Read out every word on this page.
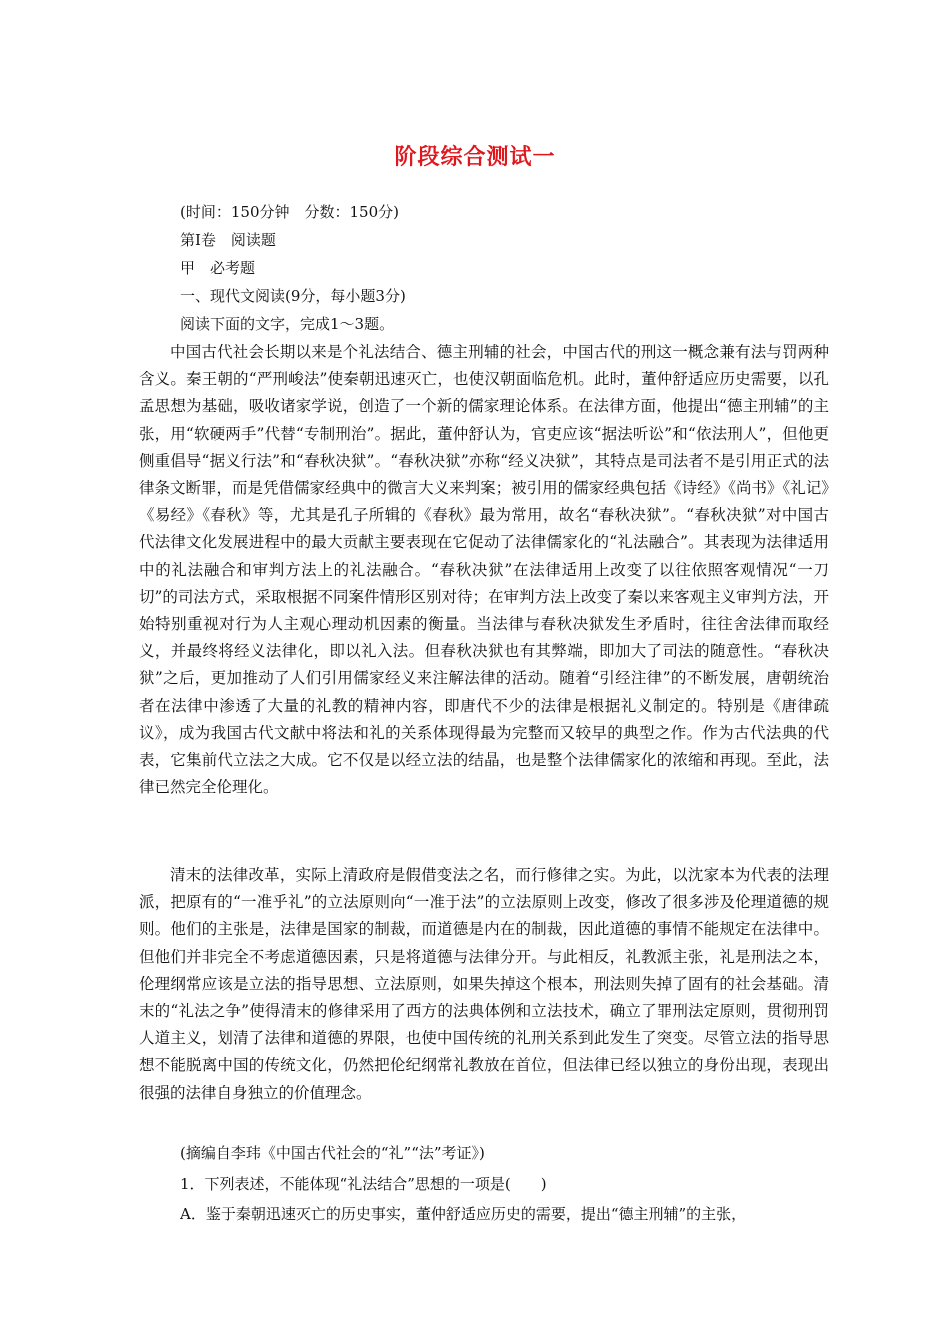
阶段综合测试一
(时间：150分钟　分数：150分)
第Ⅰ卷　阅读题
甲　必考题
一、现代文阅读(9分，每小题3分)
阅读下面的文字，完成1～3题。
中国古代社会长期以来是个礼法结合、德主刑辅的社会，中国古代的刑这一概念兼有法与罚两种含义。秦王朝的“严刑峻法”使秦朝迅速灭亡，也使汉朝面临危机。此时，董仲舒适应历史需要，以孔孟思想为基础，吸收诸家学说，创造了一个新的儒家理论体系。在法律方面，他提出“德主刑辅”的主张，用“软硬两手”代替“专制刑治”。据此，董仲舒认为，官吏应该“据法听讼”和“依法刑人”，但他更侧重倡导“据义行法”和“春秋决狱”。“春秋决狱”亦称“经义决狱”，其特点是司法者不是引用正式的法律条文断罪，而是凭借儒家经典中的微言大义来判案；被引用的儒家经典包括《诗经》《尚书》《礼记》《易经》《春秋》等，尤其是孔子所辑的《春秋》最为常用，故名“春秋决狱”。“春秋决狱”对中国古代法律文化发展进程中的最大贡献主要表现在它促动了法律儒家化的“礼法融合”。其表现为法律适用中的礼法融合和审判方法上的礼法融合。“春秋决狱”在法律适用上改变了以往依照客观情况“一刀切”的司法方式，采取根据不同案件情形区别对待；在审判方法上改变了秦以来客观主义审判方法，开始特别重视对行为人主观心理动机因素的衡量。当法律与春秋决狱发生矛盾时，往往舍法律而取经义，并最终将经义法律化，即以礼入法。但春秋决狱也有其弊端，即加大了司法的随意性。“春秋决狱”之后，更加推动了人们引用儒家经义来注解法律的活动。随着“引经注律”的不断发展，唐朝统治者在法律中渗透了大量的礼教的精神内容，即唐代不少的法律是根据礼义制定的。特别是《唐律疏议》，成为我国古代文献中将法和礼的关系体现得最为完整而又较早的典型之作。作为古代法典的代表，它集前代立法之大成。它不仅是以经立法的结晶，也是整个法律儒家化的浓缩和再现。至此，法律已然完全伦理化。
清末的法律改革，实际上清政府是假借变法之名，而行修律之实。为此，以沈家本为代表的法理派，把原有的“一准乎礼”的立法原则向“一准于法”的立法原则上改变，修改了很多涉及伦理道德的规则。他们的主张是，法律是国家的制裁，而道德是内在的制裁，因此道德的事情不能规定在法律中。但他们并非完全不考虑道德因素，只是将道德与法律分开。与此相反，礼教派主张，礼是刑法之本，伦理纲常应该是立法的指导思想、立法原则，如果失掉这个根本，刑法则失掉了固有的社会基础。清末的“礼法之争”使得清末的修律采用了西方的法典体例和立法技术，确立了罪刑法定原则，贯彻刑罚人道主义，划清了法律和道德的界限，也使中国传统的礼刑关系到此发生了突变。尽管立法的指导思想不能脱离中国的传统文化，仍然把伦纪纲常礼教放在首位，但法律已经以独立的身份出现，表现出很强的法律自身独立的价值理念。
(摘编自李玮《中国古代社会的“礼”“法”考证》)
1．下列表述，不能体现“礼法结合”思想的一项是(　　)
A．鉴于秦朝迅速灭亡的历史事实，董仲舒适应历史的需要，提出“德主刑辅”的主张，
